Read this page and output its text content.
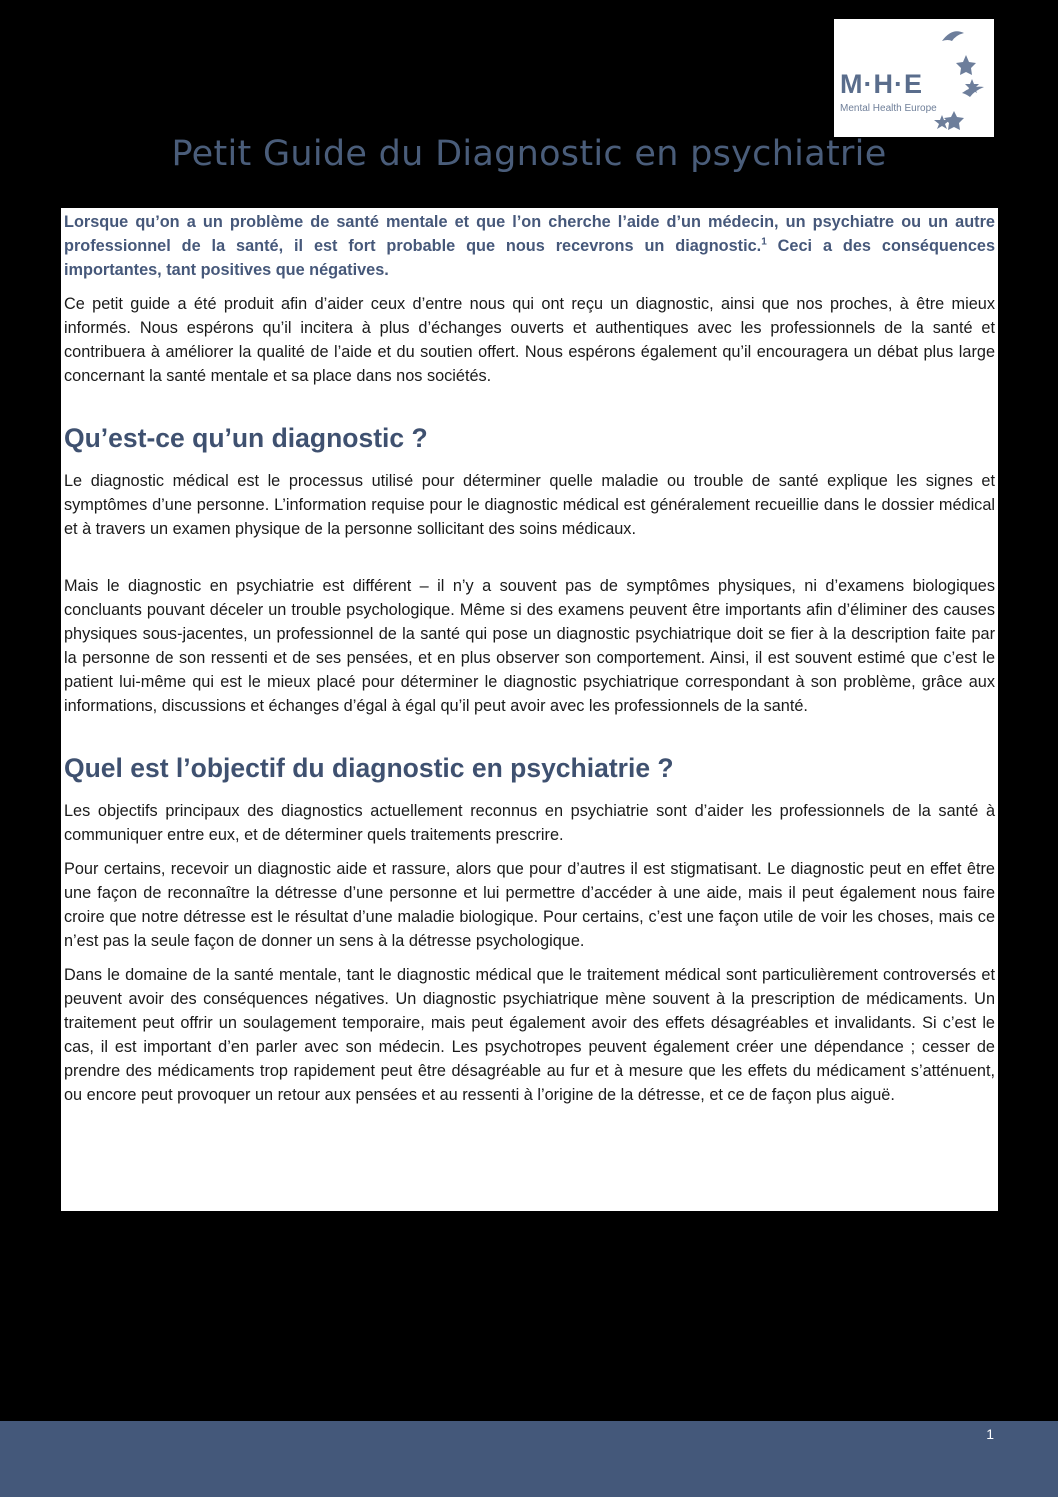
M·H·E
Mental Health Europe
Petit Guide du Diagnostic en psychiatrie

Lorsque qu’on a un problème de santé mentale et que l’on cherche l’aide d’un médecin, un psychiatre ou un autre professionnel de la santé, il est fort probable que nous recevrons un diagnostic.$^1$ Ceci a des conséquences importantes, tant positives que négatives.

Ce petit guide a été produit afin d’aider ceux d’entre nous qui ont reçu un diagnostic, ainsi que nos proches, à être mieux informés. Nous espérons qu’il incitera à plus d’échanges ouverts et authentiques avec les professionnels de la santé et contribuera à améliorer la qualité de l’aide et du soutien offert. Nous espérons également qu’il encouragera un débat plus large concernant la santé mentale et sa place dans nos sociétés.

Qu’est-ce qu’un diagnostic ?

Le diagnostic médical est le processus utilisé pour déterminer quelle maladie ou trouble de santé explique les signes et symptômes d’une personne. L’information requise pour le diagnostic médical est généralement recueillie dans le dossier médical et à travers un examen physique de la personne sollicitant des soins médicaux.

Mais le diagnostic en psychiatrie est différent – il n’y a souvent pas de symptômes physiques, ni d’examens biologiques concluants pouvant déceler un trouble psychologique. Même si des examens peuvent être importants afin d’éliminer des causes physiques sous-jacentes, un professionnel de la santé qui pose un diagnostic psychiatrique doit se fier à la description faite par la personne de son ressenti et de ses pensées, et en plus observer son comportement. Ainsi, il est souvent estimé que c’est le patient lui-même qui est le mieux placé pour déterminer le diagnostic psychiatrique correspondant à son problème, grâce aux informations, discussions et échanges d’égal à égal qu’il peut avoir avec les professionnels de la santé.

Quel est l’objectif du diagnostic en psychiatrie ?

Les objectifs principaux des diagnostics actuellement reconnus en psychiatrie sont d’aider les professionnels de la santé à communiquer entre eux, et de déterminer quels traitements prescrire.

Pour certains, recevoir un diagnostic aide et rassure, alors que pour d’autres il est stigmatisant. Le diagnostic peut en effet être une façon de reconnaître la détresse d’une personne et lui permettre d’accéder à une aide, mais il peut également nous faire croire que notre détresse est le résultat d’une maladie biologique. Pour certains, c’est une façon utile de voir les choses, mais ce n’est pas la seule façon de donner un sens à la détresse psychologique.

Dans le domaine de la santé mentale, tant le diagnostic médical que le traitement médical sont particulièrement controversés et peuvent avoir des conséquences négatives. Un diagnostic psychiatrique mène souvent à la prescription de médicaments. Un traitement peut offrir un soulagement temporaire, mais peut également avoir des effets désagréables et invalidants. Si c’est le cas, il est important d’en parler avec son médecin. Les psychotropes peuvent également créer une dépendance ; cesser de prendre des médicaments trop rapidement peut être désagréable au fur et à mesure que les effets du médicament s’atténuent, ou encore peut provoquer un retour aux pensées et au ressenti à l’origine de la détresse, et ce de façon plus aiguë.

1
